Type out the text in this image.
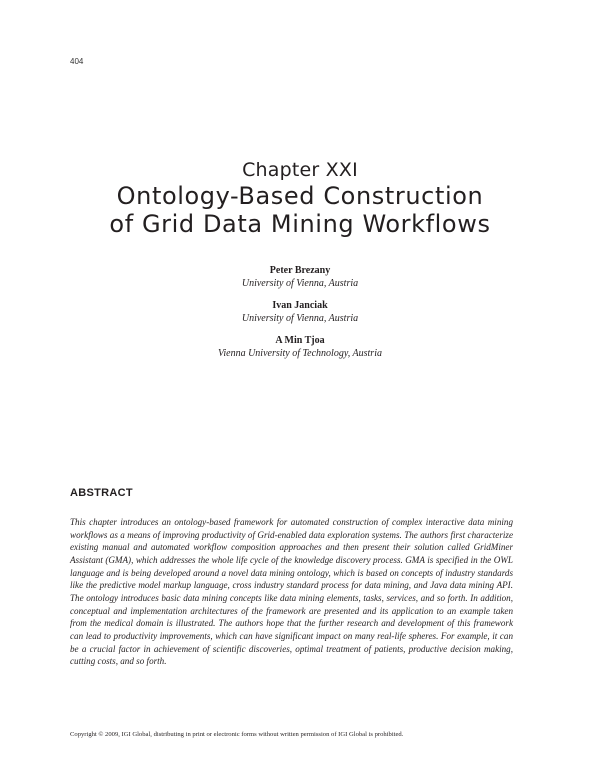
404
Chapter XXI
Ontology-Based Construction
of Grid Data Mining Workflows
Peter Brezany
University of Vienna, Austria
Ivan Janciak
University of Vienna, Austria
A Min Tjoa
Vienna University of Technology, Austria
ABSTRACT

This chapter introduces an ontology-based framework for automated construction of complex interactive data mining workflows as a means of improving productivity of Grid-enabled data exploration systems. The authors first characterize existing manual and automated workflow composition approaches and then present their solution called GridMiner Assistant (GMA), which addresses the whole life cycle of the knowledge discovery process. GMA is specified in the OWL language and is being developed around a novel data mining ontology, which is based on concepts of industry standards like the predictive model markup language, cross industry standard process for data mining, and Java data mining API. The ontology introduces basic data mining concepts like data mining elements, tasks, services, and so forth. In addition, conceptual and implementation architectures of the framework are presented and its application to an example taken from the medical domain is illustrated. The authors hope that the further research and development of this framework can lead to productivity improvements, which can have significant impact on many real-life spheres. For example, it can be a crucial factor in achievement of scientific discoveries, optimal treatment of patients, productive decision making, cutting costs, and so forth.

Copyright © 2009, IGI Global, distributing in print or electronic forms without written permission of IGI Global is prohibited.
